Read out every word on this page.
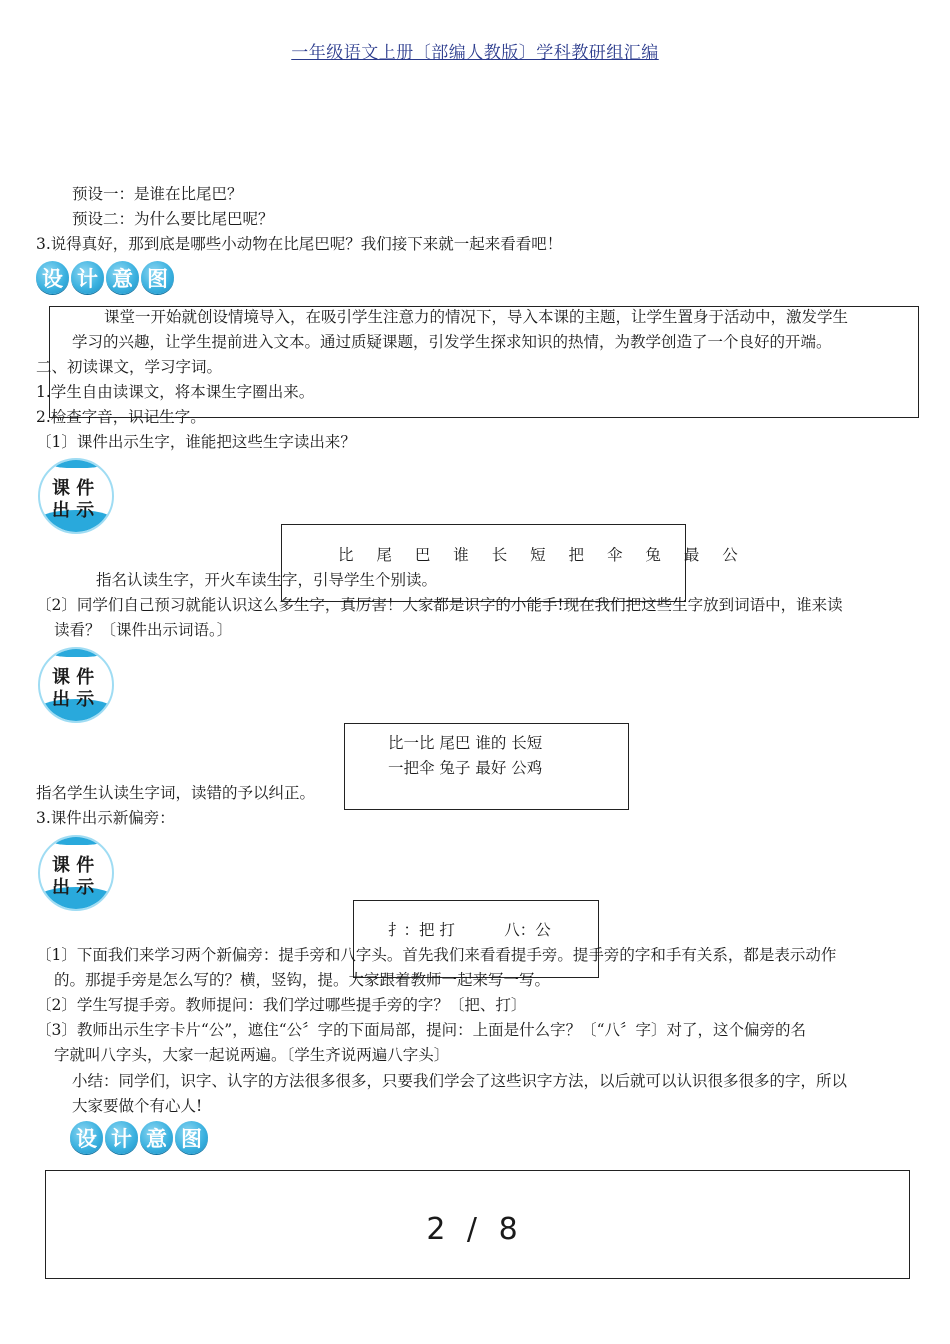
一年级语文上册〔部编人教版〕学科教研组汇编
预设一：是谁在比尾巴？
预设二：为什么要比尾巴呢？
3.说得真好，那到底是哪些小动物在比尾巴呢？我们接下来就一起来看看吧！
设 计 意 图
课堂一开始就创设情境导入，在吸引学生注意力的情况下，导入本课的主题，让学生置身于活动中，激发学生
学习的兴趣，让学生提前进入文本。通过质疑课题，引发学生探求知识的热情，为教学创造了一个良好的开端。
二、初读课文，学习字词。
1.学生自由读课文，将本课生字圈出来。
2.检查字音，识记生字。
〔1〕课件出示生字，谁能把这些生字读出来？
课 件
出 示
比 尾 巴 谁 长 短 把 伞 兔 最 公
指名认读生字，开火车读生字，引导学生个别读。
〔2〕同学们自己预习就能认识这么多生字，真厉害！大家都是识字的小能手!现在我们把这些生字放到词语中，谁来读
读看？〔课件出示词语。〕
课 件
出 示
比一比 尾巴 谁的 长短
一把伞 兔子 最好 公鸡
指名学生认读生字词，读错的予以纠正。
3.课件出示新偏旁：
课 件
出 示
扌：把 打          八：公
〔1〕下面我们来学习两个新偏旁：提手旁和八字头。首先我们来看看提手旁。提手旁的字和手有关系，都是表示动作
的。那提手旁是怎么写的？横，竖钩，提。大家跟着教师一起来写一写。
〔2〕学生写提手旁。教师提问：我们学过哪些提手旁的字？〔把、打〕
〔3〕教师出示生字卡片“公”，遮住“公〞字的下面局部，提问：上面是什么字？〔“八〞字〕对了，这个偏旁的名
字就叫八字头，大家一起说两遍。〔学生齐说两遍八字头〕
小结：同学们，识字、认字的方法很多很多，只要我们学会了这些识字方法，以后就可以认识很多很多的字，所以
大家要做个有心人!
设 计 意 图
2 / 8
